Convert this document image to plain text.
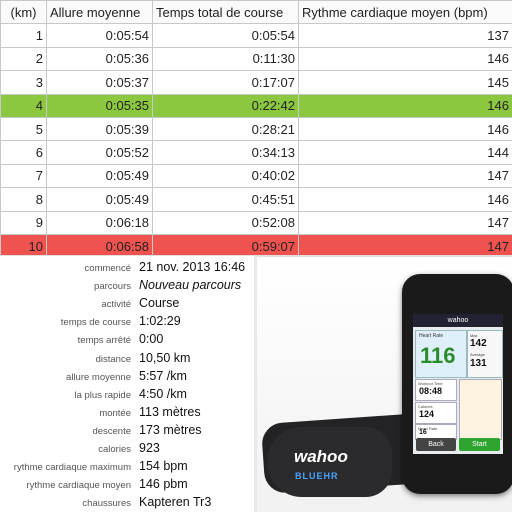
(km)	Allure moyenne	Temps total de course	Rythme cardiaque moyen (bpm)
1	0:05:54	0:05:54	137
2	0:05:36	0:11:30	146
3	0:05:37	0:17:07	145
4	0:05:35	0:22:42	146
5	0:05:39	0:28:21	146
6	0:05:52	0:34:13	144
7	0:05:49	0:40:02	147
8	0:05:49	0:45:51	146
9	0:06:18	0:52:08	147
10	0:06:58	0:59:07	147

commencé 21 nov. 2013 16:46
parcours Nouveau parcours
activité Course
temps de course 1:02:29
temps arrêté 0:00
distance 10,50 km
allure moyenne 5:57 /km
la plus rapide 4:50 /km
montée 113 mètres
descente 173 mètres
calories 923
rythme cardiaque maximum 154 bpm
rythme cardiaque moyen 146 pbm
chaussures Kapteren Tr3
wahoo
BLUEHR
wahoo
Heart Rate
116
Max
142
Average
131
Workout Time
08:48
Calories
124
Heart Rate
16
Back	Start
